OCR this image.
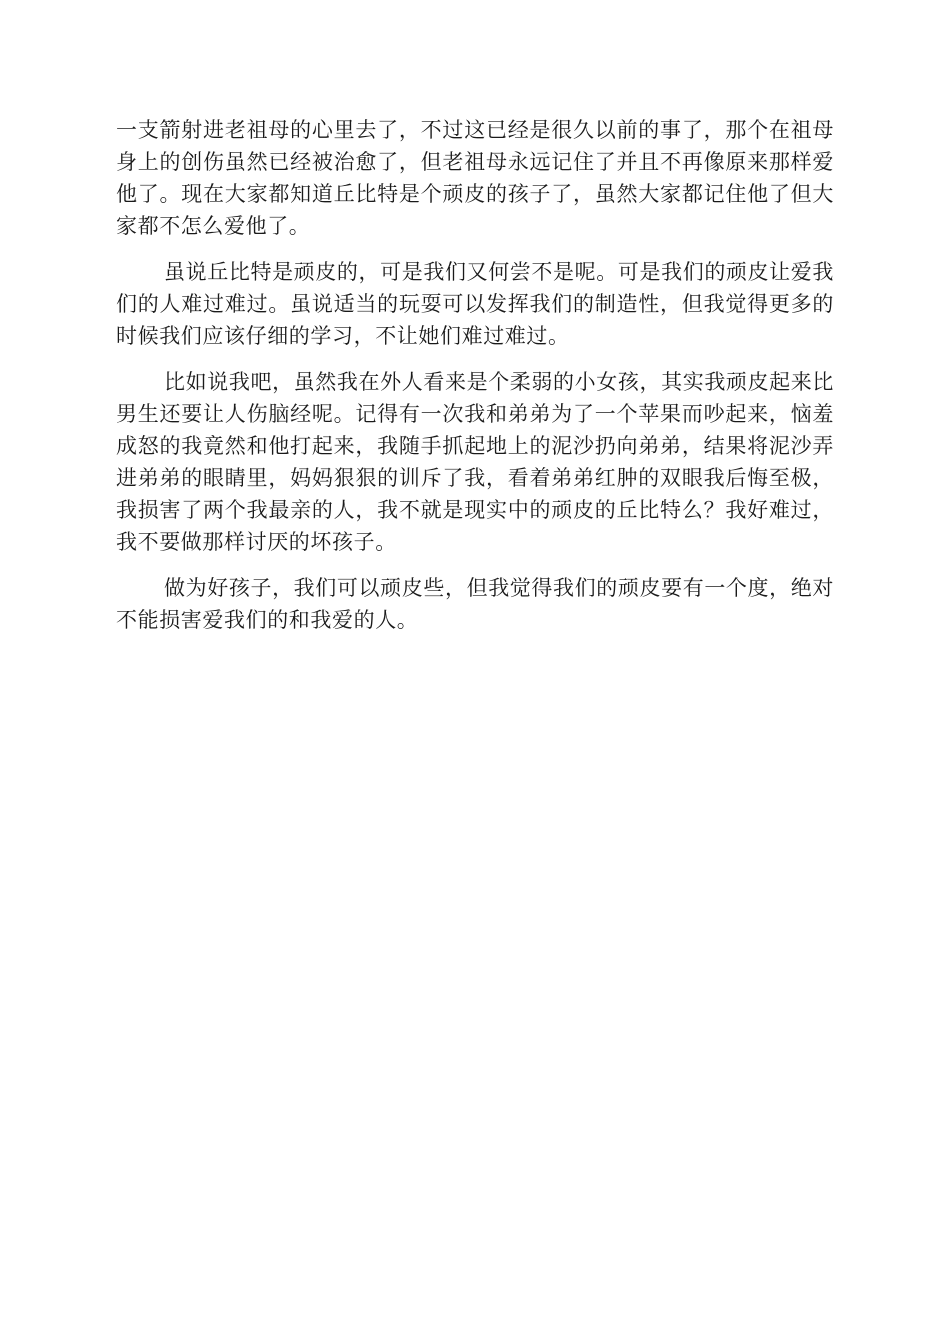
一支箭射进老祖母的心里去了，不过这已经是很久以前的事了，那个在祖母身上的创伤虽然已经被治愈了，但老祖母永远记住了并且不再像原来那样爱他了。现在大家都知道丘比特是个顽皮的孩子了，虽然大家都记住他了但大家都不怎么爱他了。

虽说丘比特是顽皮的，可是我们又何尝不是呢。可是我们的顽皮让爱我们的人难过难过。虽说适当的玩耍可以发挥我们的制造性，但我觉得更多的时候我们应该仔细的学习，不让她们难过难过。

比如说我吧，虽然我在外人看来是个柔弱的小女孩，其实我顽皮起来比男生还要让人伤脑经呢。记得有一次我和弟弟为了一个苹果而吵起来，恼羞成怒的我竟然和他打起来，我随手抓起地上的泥沙扔向弟弟，结果将泥沙弄进弟弟的眼睛里，妈妈狠狠的训斥了我，看着弟弟红肿的双眼我后悔至极，我损害了两个我最亲的人，我不就是现实中的顽皮的丘比特么？我好难过，我不要做那样讨厌的坏孩子。

做为好孩子，我们可以顽皮些，但我觉得我们的顽皮要有一个度，绝对不能损害爱我们的和我爱的人。
